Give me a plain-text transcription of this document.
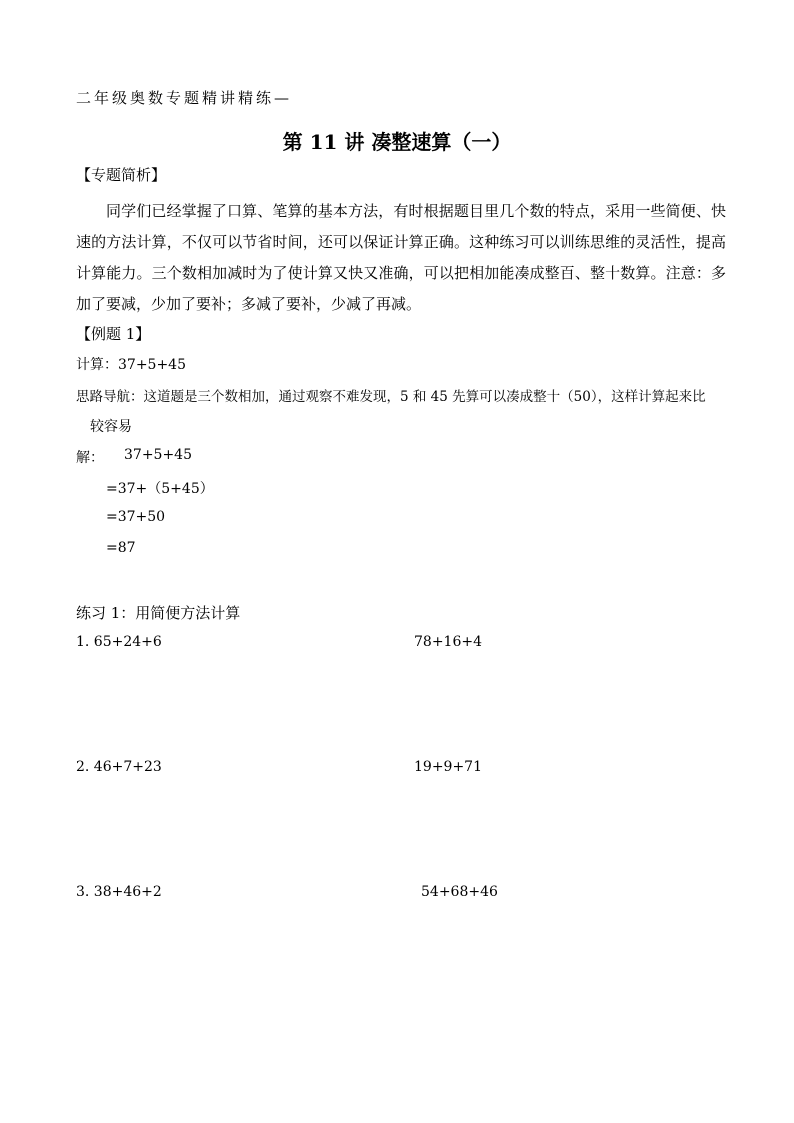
二年级奥数专题精讲精练—
第 11 讲 凑整速算（一）
【专题简析】
同学们已经掌握了口算、笔算的基本方法，有时根据题目里几个数的特点，采用一些简便、快速的方法计算，不仅可以节省时间，还可以保证计算正确。这种练习可以训练思维的灵活性，提高计算能力。三个数相加减时为了使计算又快又准确，可以把相加能凑成整百、整十数算。注意：多加了要减，少加了要补；多减了要补，少减了再减。
【例题 1】
计算：37+5+45
思路导航：这道题是三个数相加，通过观察不难发现，5 和 45 先算可以凑成整十（50），这样计算起来比
较容易
解： 37+5+45
=37+（5+45）
=37+50
=87
练习 1：用简便方法计算
1. 65+24+6	78+16+4
2. 46+7+23	19+9+71
3. 38+46+2	54+68+46
